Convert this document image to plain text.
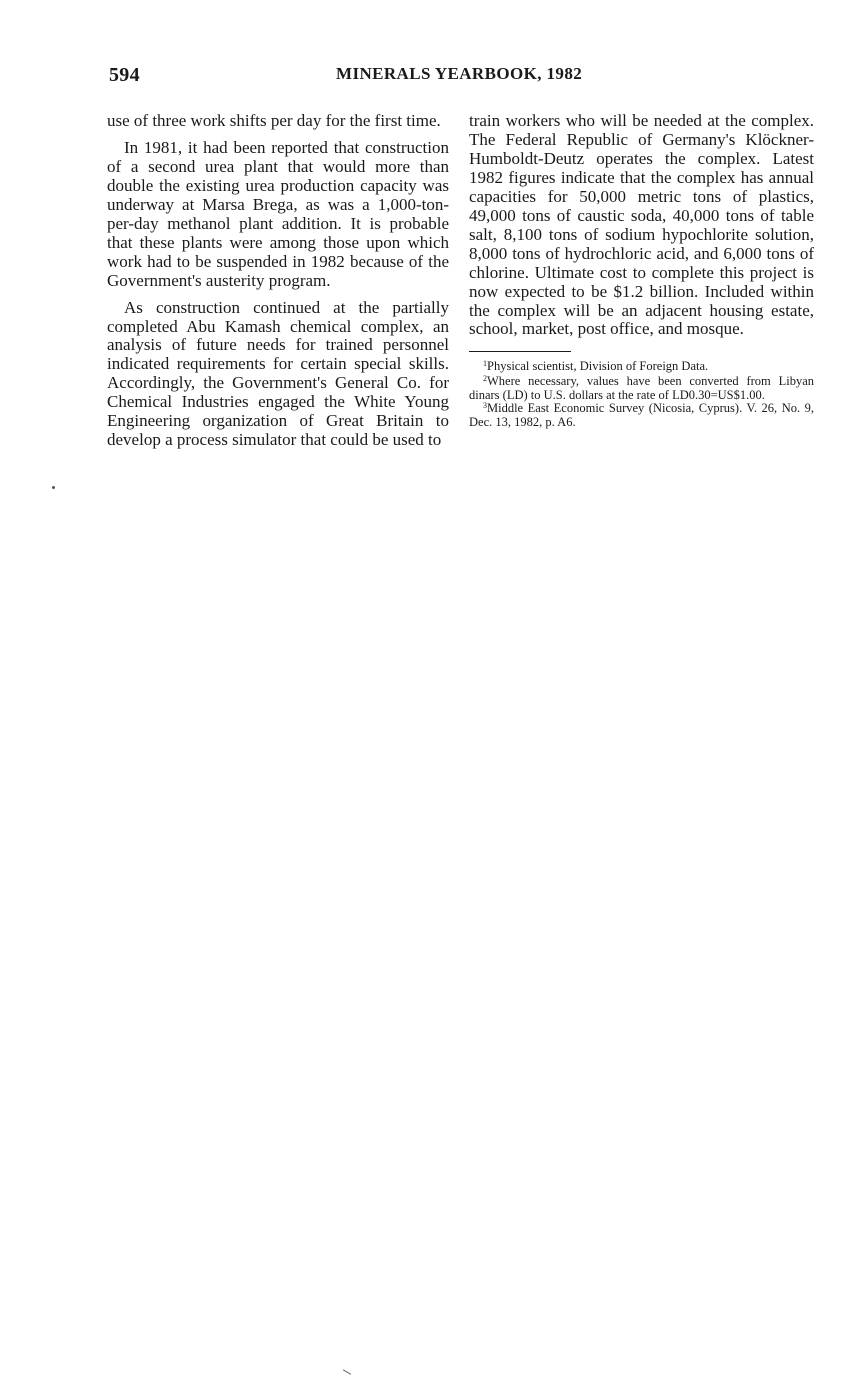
594	MINERALS YEARBOOK, 1982

use of three work shifts per day for the first time.

In 1981, it had been reported that construction of a second urea plant that would more than double the existing urea production capacity was underway at Marsa Brega, as was a 1,000-ton-per-day methanol plant addition. It is probable that these plants were among those upon which work had to be suspended in 1982 because of the Government's austerity program.

As construction continued at the partially completed Abu Kamash chemical complex, an analysis of future needs for trained personnel indicated requirements for certain special skills. Accordingly, the Government's General Co. for Chemical Industries engaged the White Young Engineering organization of Great Britain to develop a process simulator that could be used to

train workers who will be needed at the complex. The Federal Republic of Germany's Klöckner-Humboldt-Deutz operates the complex. Latest 1982 figures indicate that the complex has annual capacities for 50,000 metric tons of plastics, 49,000 tons of caustic soda, 40,000 tons of table salt, 8,100 tons of sodium hypochlorite solution, 8,000 tons of hydrochloric acid, and 6,000 tons of chlorine. Ultimate cost to complete this project is now expected to be $1.2 billion. Included within the complex will be an adjacent housing estate, school, market, post office, and mosque.

$^1$Physical scientist, Division of Foreign Data.

$^2$Where necessary, values have been converted from Libyan dinars (LD) to U.S. dollars at the rate of LD0.30=US$1.00.

$^3$Middle East Economic Survey (Nicosia, Cyprus). V. 26, No. 9, Dec. 13, 1982, p. A6.
